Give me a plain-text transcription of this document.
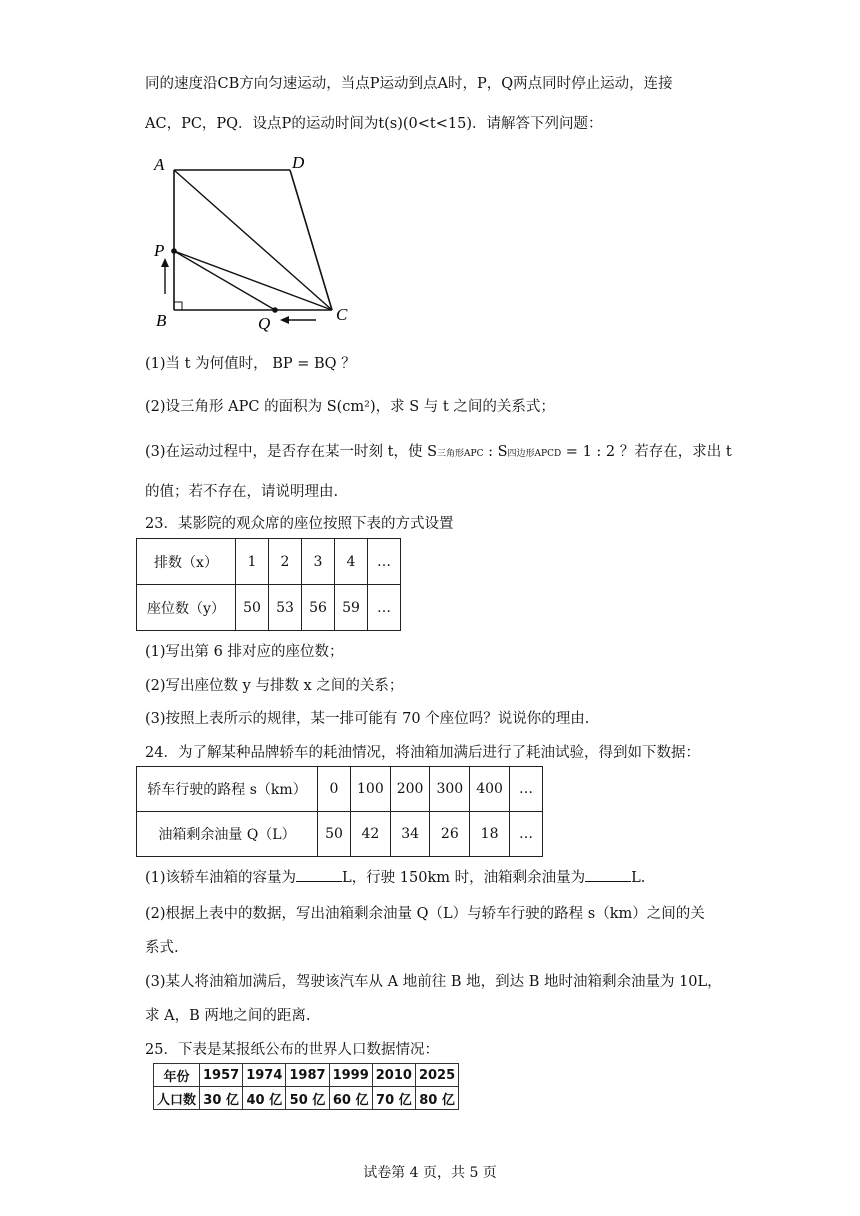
同的速度沿CB方向匀速运动，当点P运动到点A时，P，Q两点同时停止运动，连接
AC，PC，PQ．设点P的运动时间为t(s)(0<t<15)．请解答下列问题：
A	D
P
B	Q	C
(1)当 t 为何值时， BP = BQ ？
(2)设三角形 APC 的面积为 S(cm²)，求 S 与 t 之间的关系式；
(3)在运动过程中，是否存在某一时刻 t，使 S三角形APC : S四边形APCD = 1 : 2 ？若存在，求出 t
的值；若不存在，请说明理由.
23．某影院的观众席的座位按照下表的方式设置
排数（x）	1	2	3	4	…
座位数（y）	50	53	56	59	…
(1)写出第 6 排对应的座位数；
(2)写出座位数 y 与排数 x 之间的关系；
(3)按照上表所示的规律，某一排可能有 70 个座位吗？说说你的理由.
24．为了解某种品牌轿车的耗油情况，将油箱加满后进行了耗油试验，得到如下数据：
轿车行驶的路程 s（km）	0	100	200	300	400	…
油箱剩余油量 Q（L）	50	42	34	26	18	…
(1)该轿车油箱的容量为	L，行驶 150km 时，油箱剩余油量为	L.
(2)根据上表中的数据，写出油箱剩余油量 Q（L）与轿车行驶的路程 s（km）之间的关
系式.
(3)某人将油箱加满后，驾驶该汽车从 A 地前往 B 地，到达 B 地时油箱剩余油量为 10L，
求 A，B 两地之间的距离.
25．下表是某报纸公布的世界人口数据情况：
年份	1957	1974	1987	1999	2010	2025
人口数	30 亿	40 亿	50 亿	60 亿	70 亿	80 亿
试卷第 4 页，共 5 页
